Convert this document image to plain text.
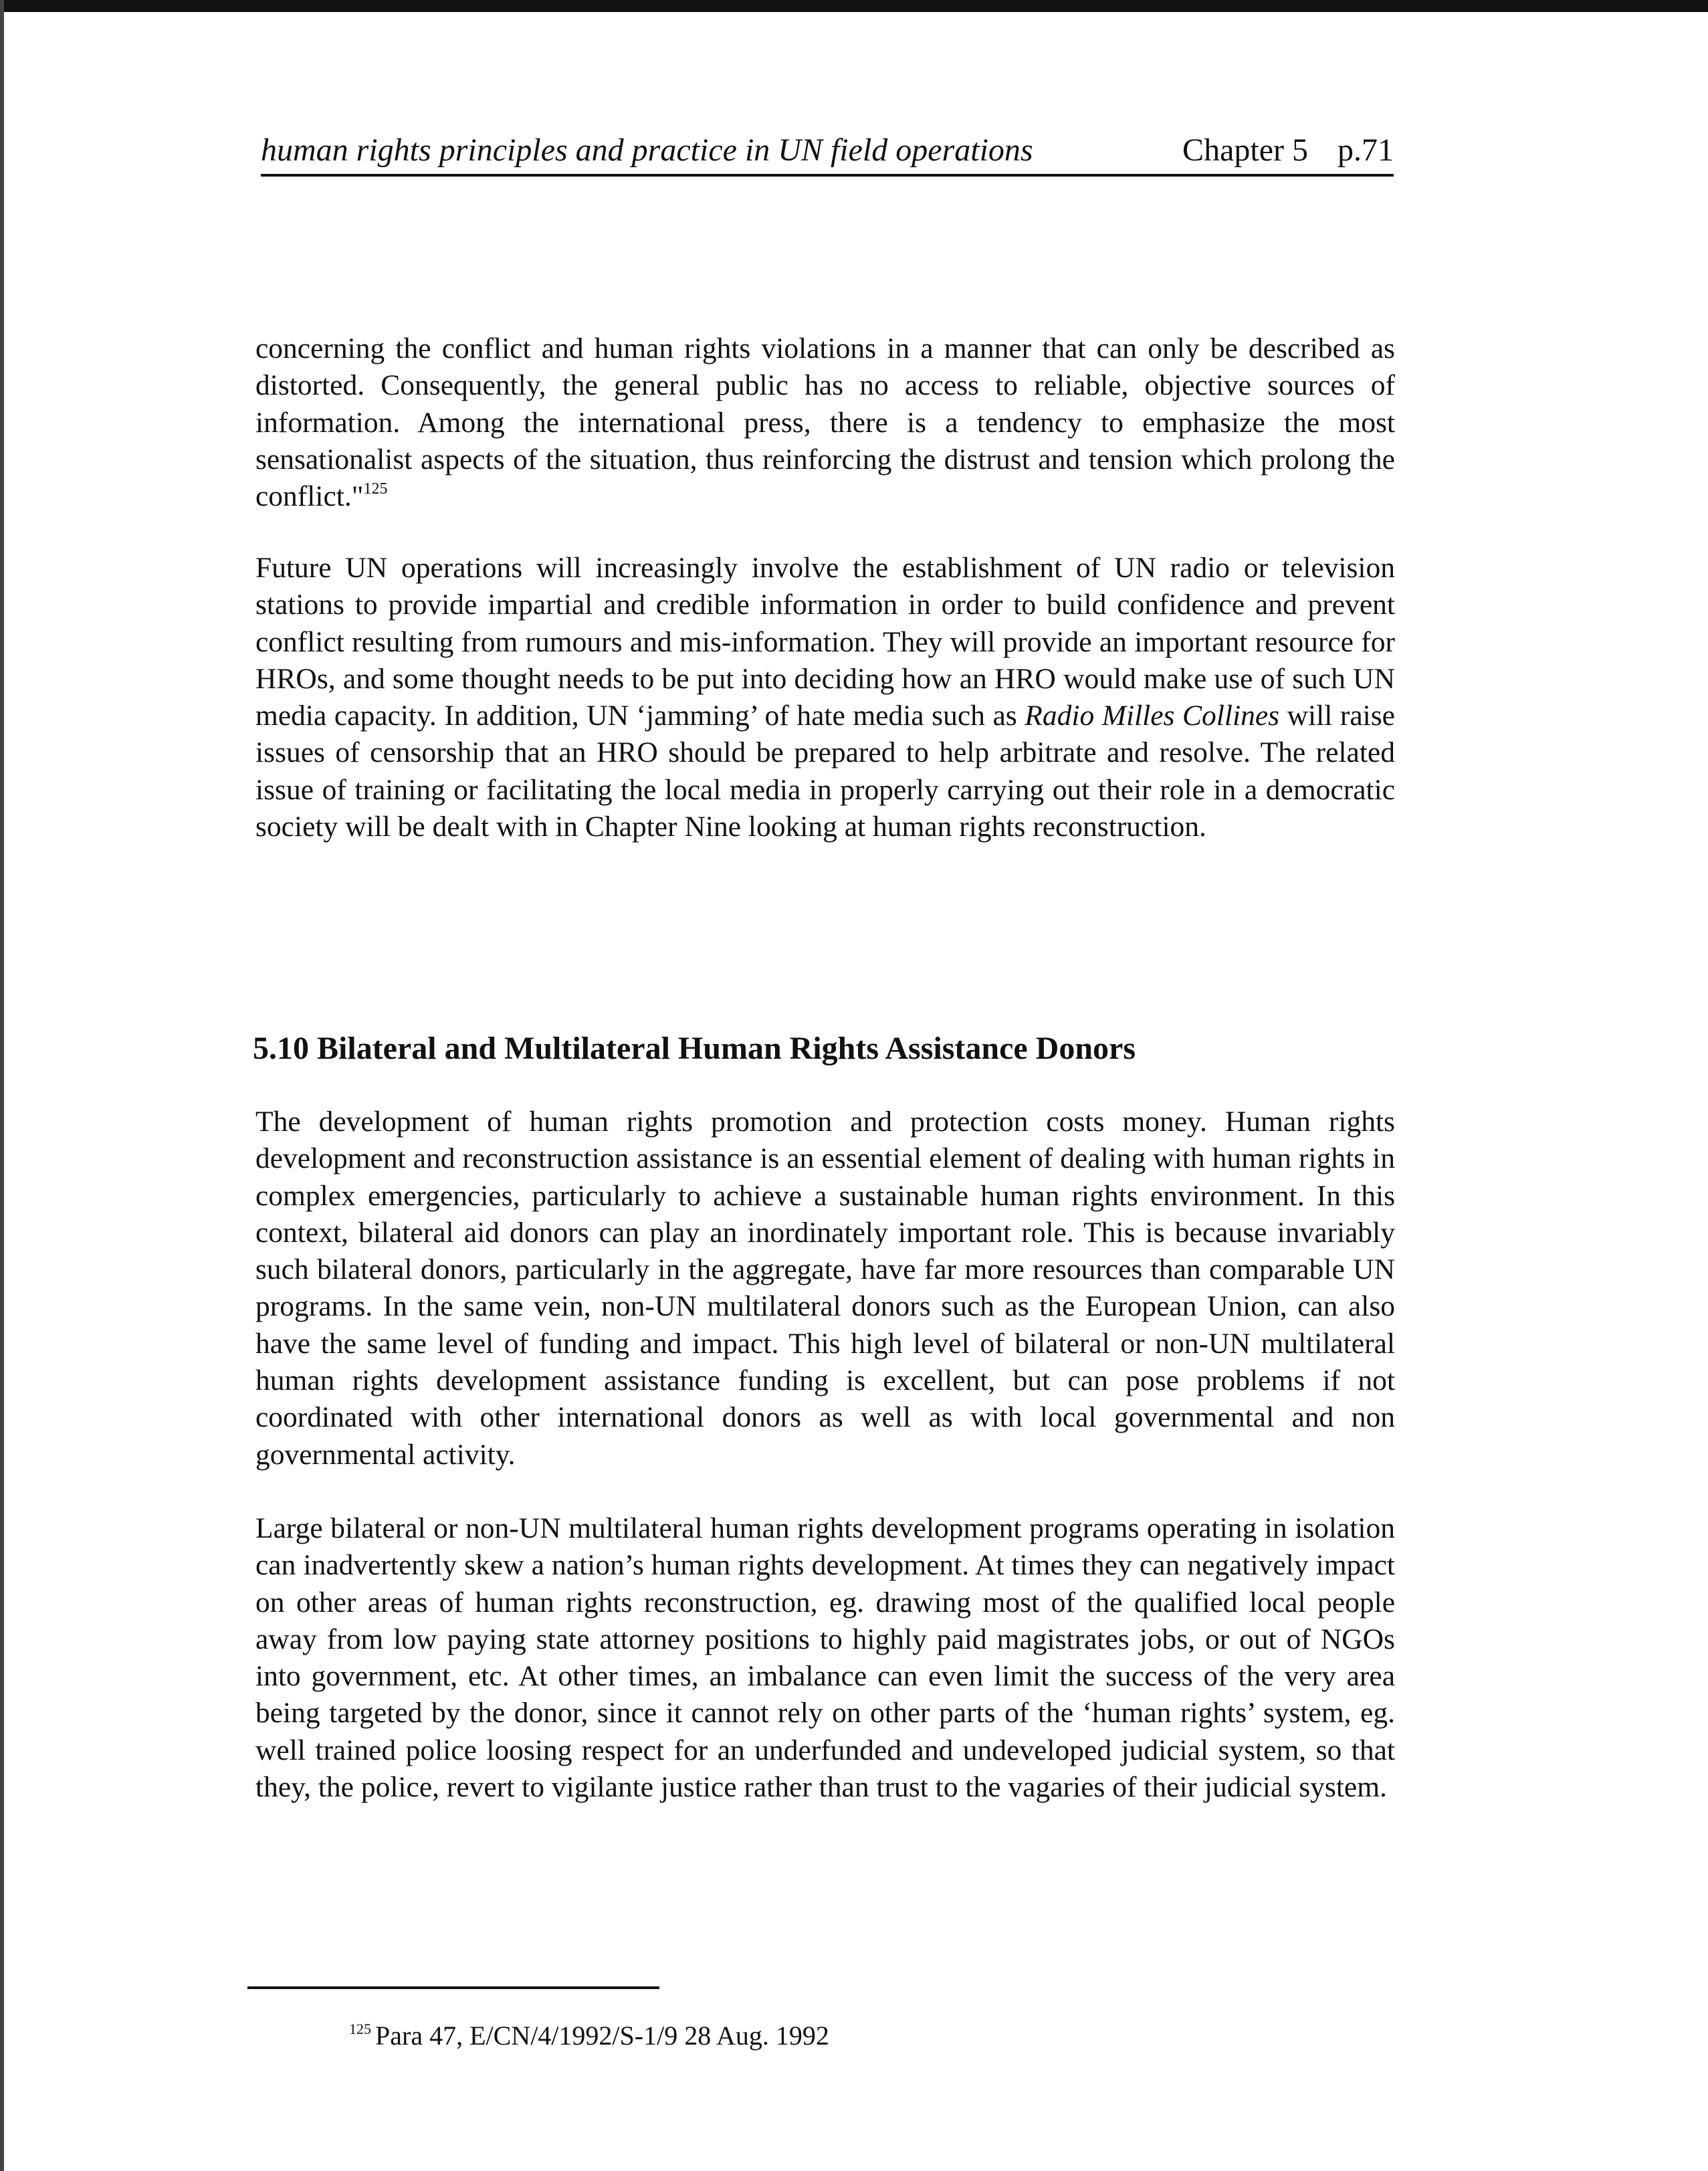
human rights principles and practice in UN field operations	Chapter 5 p.71

concerning the conflict and human rights violations in a manner that can only be described as distorted. Consequently, the general public has no access to reliable, objective sources of information. Among the international press, there is a tendency to emphasize the most sensationalist aspects of the situation, thus reinforcing the distrust and tension which prolong the conflict."$^{125}$

Future UN operations will increasingly involve the establishment of UN radio or television stations to provide impartial and credible information in order to build confidence and prevent conflict resulting from rumours and mis-information. They will provide an important resource for HROs, and some thought needs to be put into deciding how an HRO would make use of such UN media capacity. In addition, UN ‘jamming’ of hate media such as Radio Milles Collines will raise issues of censorship that an HRO should be prepared to help arbitrate and resolve. The related issue of training or facilitating the local media in properly carrying out their role in a democratic society will be dealt with in Chapter Nine looking at human rights reconstruction.

5.10 Bilateral and Multilateral Human Rights Assistance Donors

The development of human rights promotion and protection costs money. Human rights development and reconstruction assistance is an essential element of dealing with human rights in complex emergencies, particularly to achieve a sustainable human rights environment. In this context, bilateral aid donors can play an inordinately important role. This is because invariably such bilateral donors, particularly in the aggregate, have far more resources than comparable UN programs. In the same vein, non-UN multilateral donors such as the European Union, can also have the same level of funding and impact. This high level of bilateral or non-UN multilateral human rights development assistance funding is excellent, but can pose problems if not coordinated with other international donors as well as with local governmental and non governmental activity.

Large bilateral or non-UN multilateral human rights development programs operating in isolation can inadvertently skew a nation’s human rights development. At times they can negatively impact on other areas of human rights reconstruction, eg. drawing most of the qualified local people away from low paying state attorney positions to highly paid magistrates jobs, or out of NGOs into government, etc. At other times, an imbalance can even limit the success of the very area being targeted by the donor, since it cannot rely on other parts of the ‘human rights’ system, eg. well trained police loosing respect for an underfunded and undeveloped judicial system, so that they, the police, revert to vigilante justice rather than trust to the vagaries of their judicial system.

$^{125}$ Para 47, E/CN/4/1992/S-1/9 28 Aug. 1992
